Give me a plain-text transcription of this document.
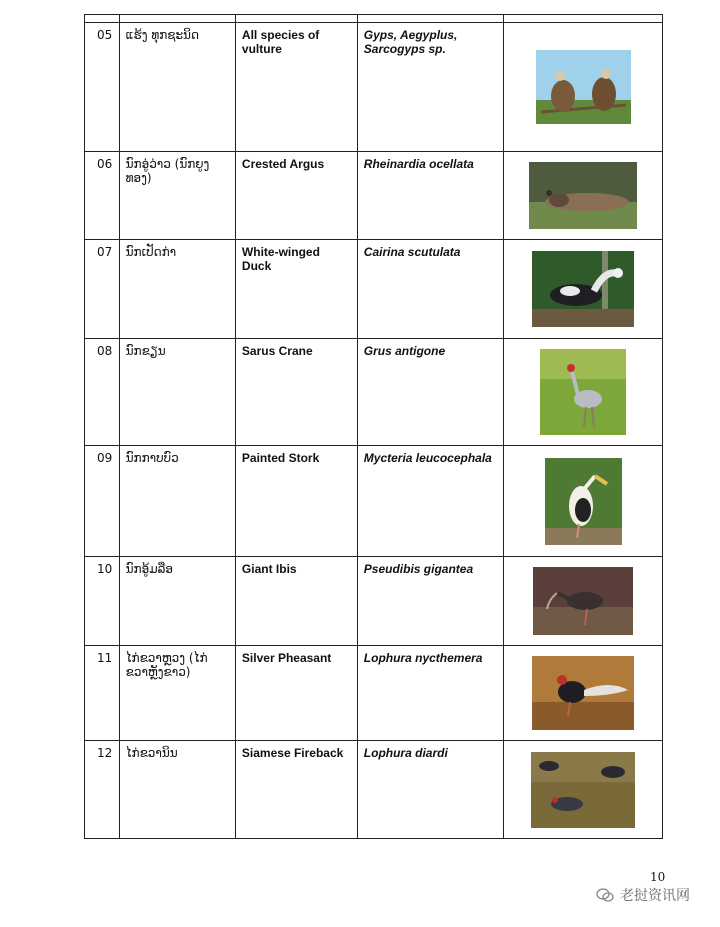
05	ແຮ້ງ ທຸກຊະນິດ	All species of vulture	Gyps, Aegyplus, Sarcogyps sp.	

06	ນົກອູ່ວ່າວ (ນົກຍູງທອງ)	Crested Argus	Rheinardia ocellata	

07	ນົກເປັດກ່າ	White-winged Duck	Cairina scutulata	

08	ນົກຂຽນ	Sarus Crane	Grus antigone	

09	ນົກກາບບົວ	Painted Stork	Mycteria leucocephala	

10	ນົກອູ້ມລືອ	Giant Ibis	Pseudibis gigantea	

11	ໄກ່ຂວາຫຼວງ (ໄກ່ຂວາຫຼັງຂາວ)	Silver Pheasant	Lophura nycthemera	

12	ໄກ່ຂວານິນ	Siamese Fireback	Lophura diardi	
10
老挝资讯网
